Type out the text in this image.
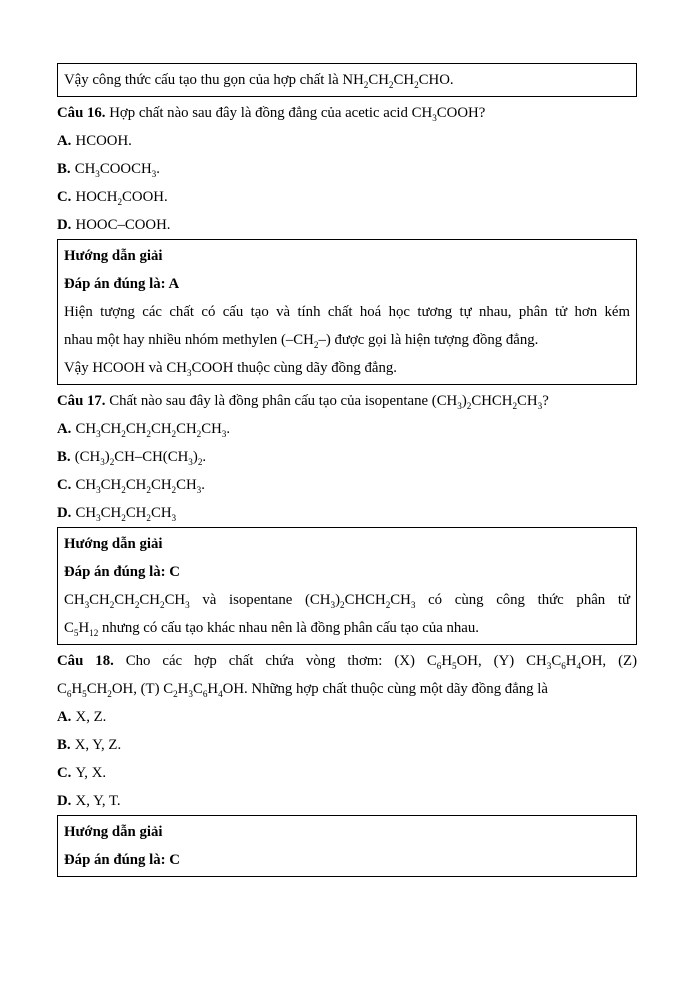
Vậy công thức cấu tạo thu gọn của hợp chất là $NH_2CH_2CH_2CHO$.

Câu 16. Hợp chất nào sau đây là đồng đẳng của acetic acid $CH_3COOH$?

A. HCOOH.

B. $CH_3COOCH_3$.

C. $HOCH_2COOH$.

D. HOOC–COOH.

Hướng dẫn giải

Đáp án đúng là: A

Hiện tượng các chất có cấu tạo và tính chất hoá học tương tự nhau, phân tử hơn kém

nhau một hay nhiều nhóm methylen $(-CH_2-)$ được gọi là hiện tượng đồng đẳng.

Vậy HCOOH và $CH_3COOH$ thuộc cùng dãy đồng đẳng.

Câu 17. Chất nào sau đây là đồng phân cấu tạo của isopentane $(CH_3)_2CHCH_2CH_3$?

A. $CH_3CH_2CH_2CH_2CH_2CH_3$.

B. $(CH_3)_2CH-CH(CH_3)_2$.

C. $CH_3CH_2CH_2CH_2CH_3$.

D. $CH_3CH_2CH_2CH_3$

Hướng dẫn giải

Đáp án đúng là: C

$CH_3CH_2CH_2CH_2CH_3$ và isopentane $(CH_3)_2CHCH_2CH_3$ có cùng công thức phân tử

$C_5H_{12}$ nhưng có cấu tạo khác nhau nên là đồng phân cấu tạo của nhau.

Câu 18. Cho các hợp chất chứa vòng thơm: (X) $C_6H_5OH$, (Y) $CH_3C_6H_4OH$, (Z)

$C_6H_5CH_2OH$, (T) $C_2H_3C_6H_4OH$. Những hợp chất thuộc cùng một dãy đồng đẳng là

A. X, Z.

B. X, Y, Z.

C. Y, X.

D. X, Y, T.

Hướng dẫn giải

Đáp án đúng là: C
